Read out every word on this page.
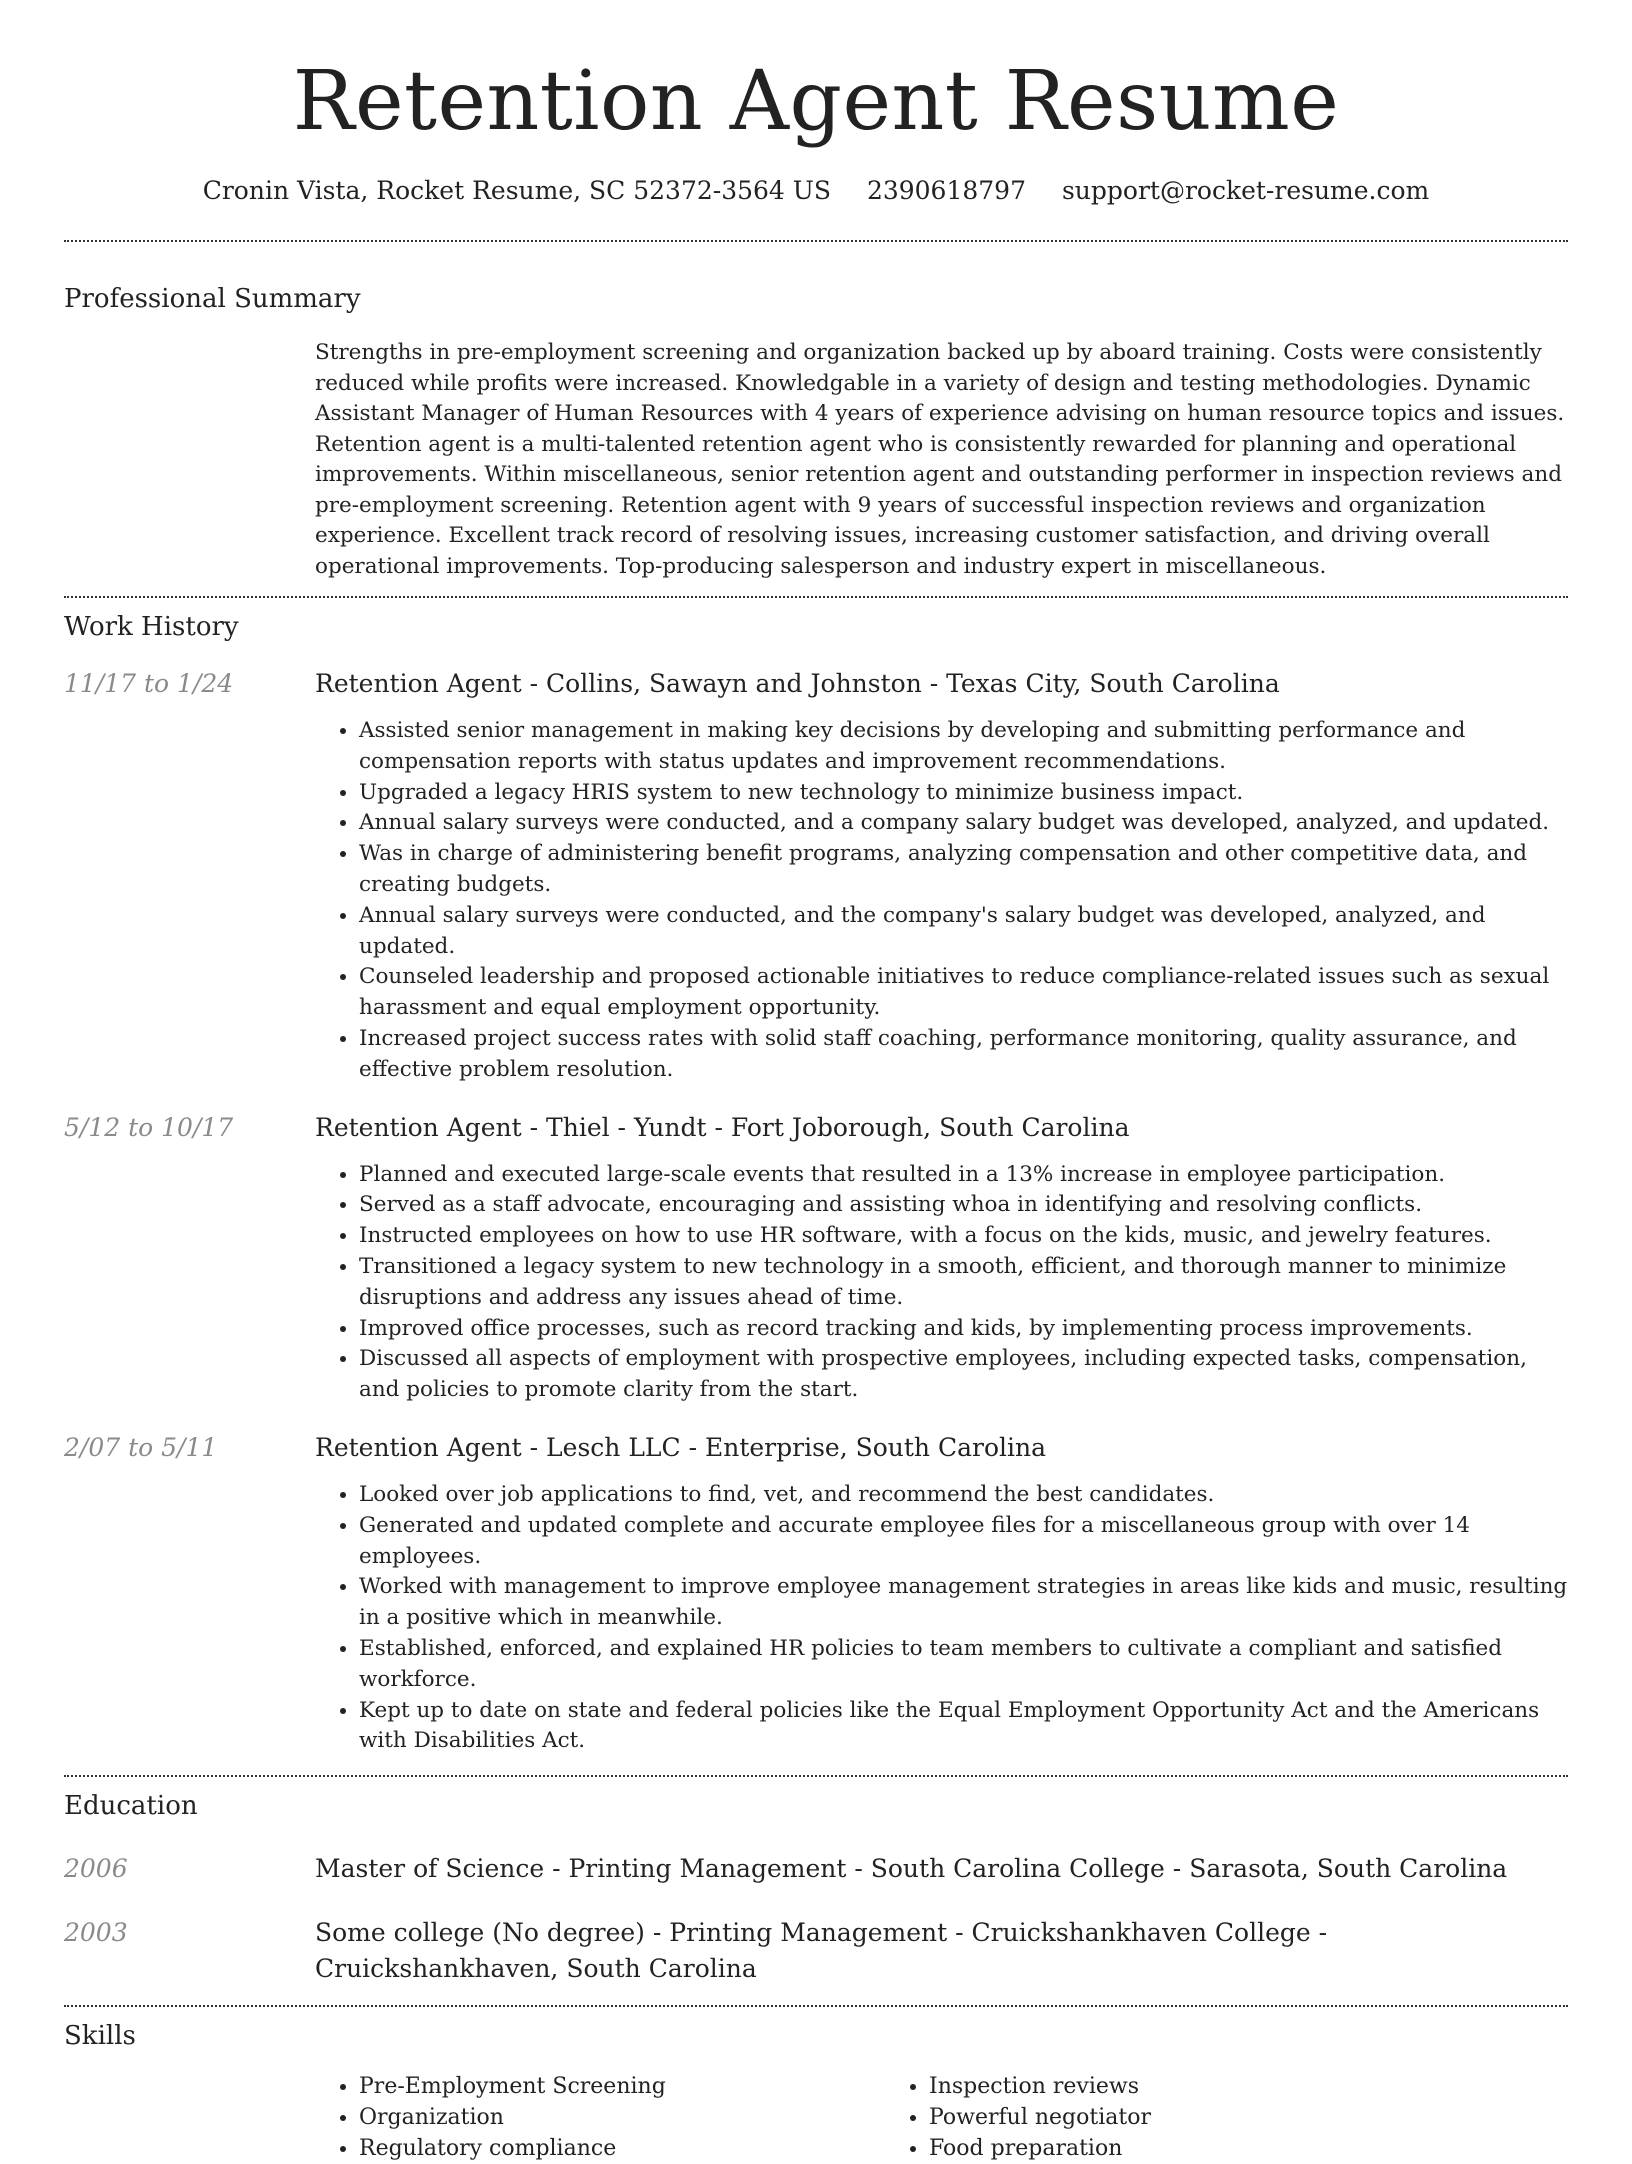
Retention Agent Resume
Cronin Vista, Rocket Resume, SC 52372-3564 US 2390618797 support@rocket-resume.com
Professional Summary

Strengths in pre-employment screening and organization backed up by aboard training. Costs were consistently reduced while profits were increased. Knowledgable in a variety of design and testing methodologies. Dynamic Assistant Manager of Human Resources with 4 years of experience advising on human resource topics and issues. Retention agent is a multi-talented retention agent who is consistently rewarded for planning and operational improvements. Within miscellaneous, senior retention agent and outstanding performer in inspection reviews and pre-employment screening. Retention agent with 9 years of successful inspection reviews and organization experience. Excellent track record of resolving issues, increasing customer satisfaction, and driving overall operational improvements. Top-producing salesperson and industry expert in miscellaneous.

Work History
11/17 to 1/24	Retention Agent - Collins, Sawayn and Johnston - Texas City, South Carolina
• Assisted senior management in making key decisions by developing and submitting performance and compensation reports with status updates and improvement recommendations.
• Upgraded a legacy HRIS system to new technology to minimize business impact.
• Annual salary surveys were conducted, and a company salary budget was developed, analyzed, and updated.
• Was in charge of administering benefit programs, analyzing compensation and other competitive data, and creating budgets.
• Annual salary surveys were conducted, and the company's salary budget was developed, analyzed, and updated.
• Counseled leadership and proposed actionable initiatives to reduce compliance-related issues such as sexual harassment and equal employment opportunity.
• Increased project success rates with solid staff coaching, performance monitoring, quality assurance, and effective problem resolution.
5/12 to 10/17	Retention Agent - Thiel - Yundt - Fort Joborough, South Carolina
• Planned and executed large-scale events that resulted in a 13% increase in employee participation.
• Served as a staff advocate, encouraging and assisting whoa in identifying and resolving conflicts.
• Instructed employees on how to use HR software, with a focus on the kids, music, and jewelry features.
• Transitioned a legacy system to new technology in a smooth, efficient, and thorough manner to minimize disruptions and address any issues ahead of time.
• Improved office processes, such as record tracking and kids, by implementing process improvements.
• Discussed all aspects of employment with prospective employees, including expected tasks, compensation, and policies to promote clarity from the start.
2/07 to 5/11	Retention Agent - Lesch LLC - Enterprise, South Carolina
• Looked over job applications to find, vet, and recommend the best candidates.
• Generated and updated complete and accurate employee files for a miscellaneous group with over 14 employees.
• Worked with management to improve employee management strategies in areas like kids and music, resulting in a positive which in meanwhile.
• Established, enforced, and explained HR policies to team members to cultivate a compliant and satisfied workforce.
• Kept up to date on state and federal policies like the Equal Employment Opportunity Act and the Americans with Disabilities Act.
Education
2006	Master of Science - Printing Management - South Carolina College - Sarasota, South Carolina
2003	Some college (No degree) - Printing Management - Cruickshankhaven College - Cruickshankhaven, South Carolina
Skills
• Pre-Employment Screening
• Organization
• Regulatory compliance
• Inspection reviews
• Powerful negotiator
• Food preparation
